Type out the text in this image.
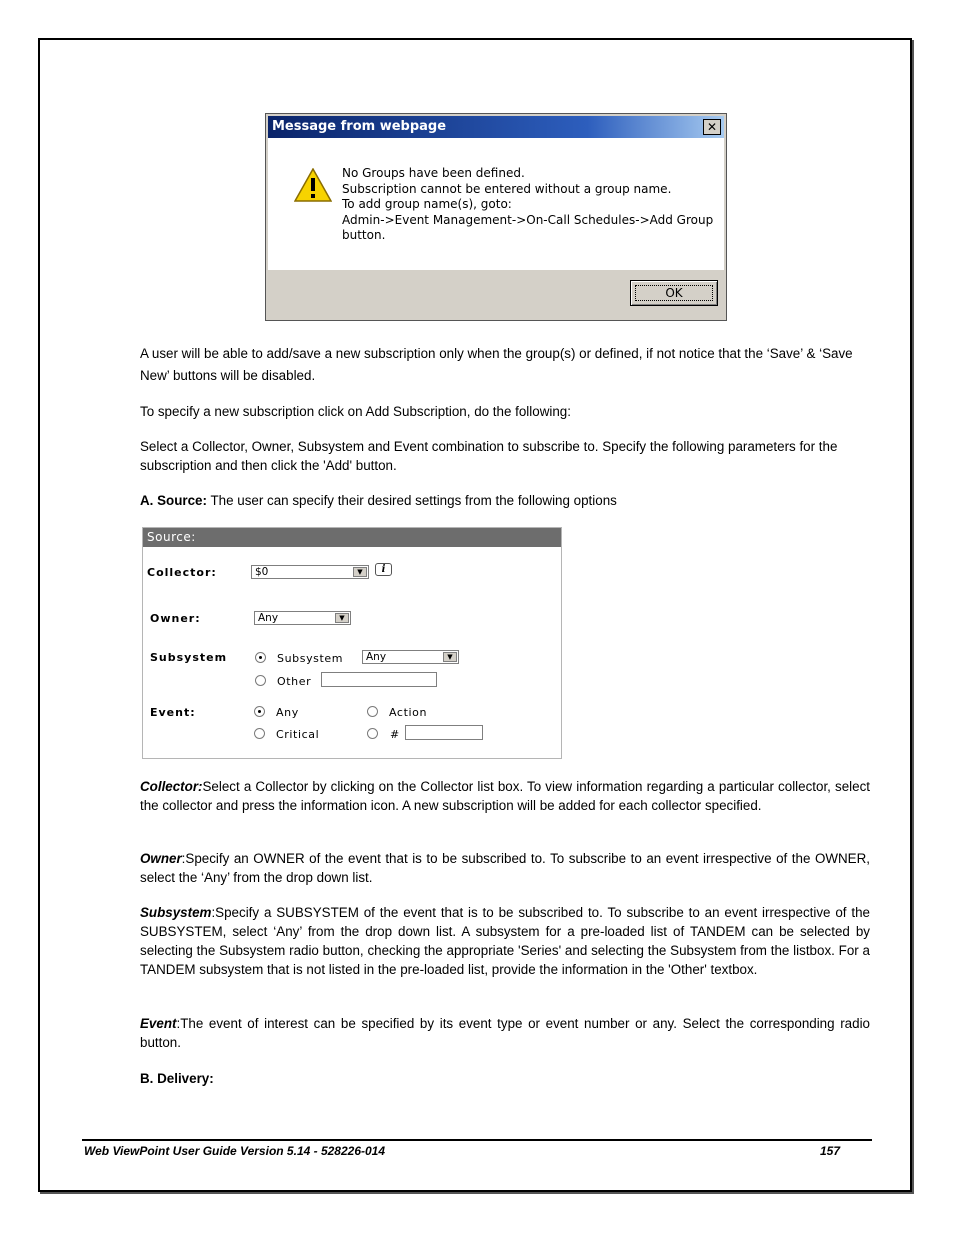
Message from webpage	✕
No Groups have been defined.
Subscription cannot be entered without a group name.
To add group name(s), goto:
Admin->Event Management->On-Call Schedules->Add Group
button.
OK
A user will be able to add/save a new subscription only when the group(s) or defined, if not notice that the ‘Save’ & ‘Save New’ buttons will be disabled.
To specify a new subscription click on Add Subscription, do the following:
Select a Collector, Owner, Subsystem and Event combination to subscribe to. Specify the following parameters for the subscription and then click the 'Add' button.
A. Source: The user can specify their desired settings from the following options
Source:
Collector:	$0	▼	i
Owner:	Any	▼
Subsystem	Subsystem	Any	▼
Other
Event:	Any	Action
Critical	#
Collector:Select a Collector by clicking on the Collector list box. To view information regarding a particular collector, select the collector and press the information icon. A new subscription will be added for each collector specified.
Owner:Specify an OWNER of the event that is to be subscribed to. To subscribe to an event irrespective of the OWNER, select the ‘Any’ from the drop down list.
Subsystem:Specify a SUBSYSTEM of the event that is to be subscribed to. To subscribe to an event irrespective of the SUBSYSTEM, select ‘Any’ from the drop down list. A subsystem for a pre-loaded list of TANDEM can be selected by selecting the Subsystem radio button, checking the appropriate 'Series' and selecting the Subsystem from the listbox. For a TANDEM subsystem that is not listed in the pre-loaded list, provide the information in the 'Other' textbox.
Event:The event of interest can be specified by its event type or event number or any. Select the corresponding radio button.
B. Delivery:
Web ViewPoint User Guide Version 5.14 - 528226-014	157
